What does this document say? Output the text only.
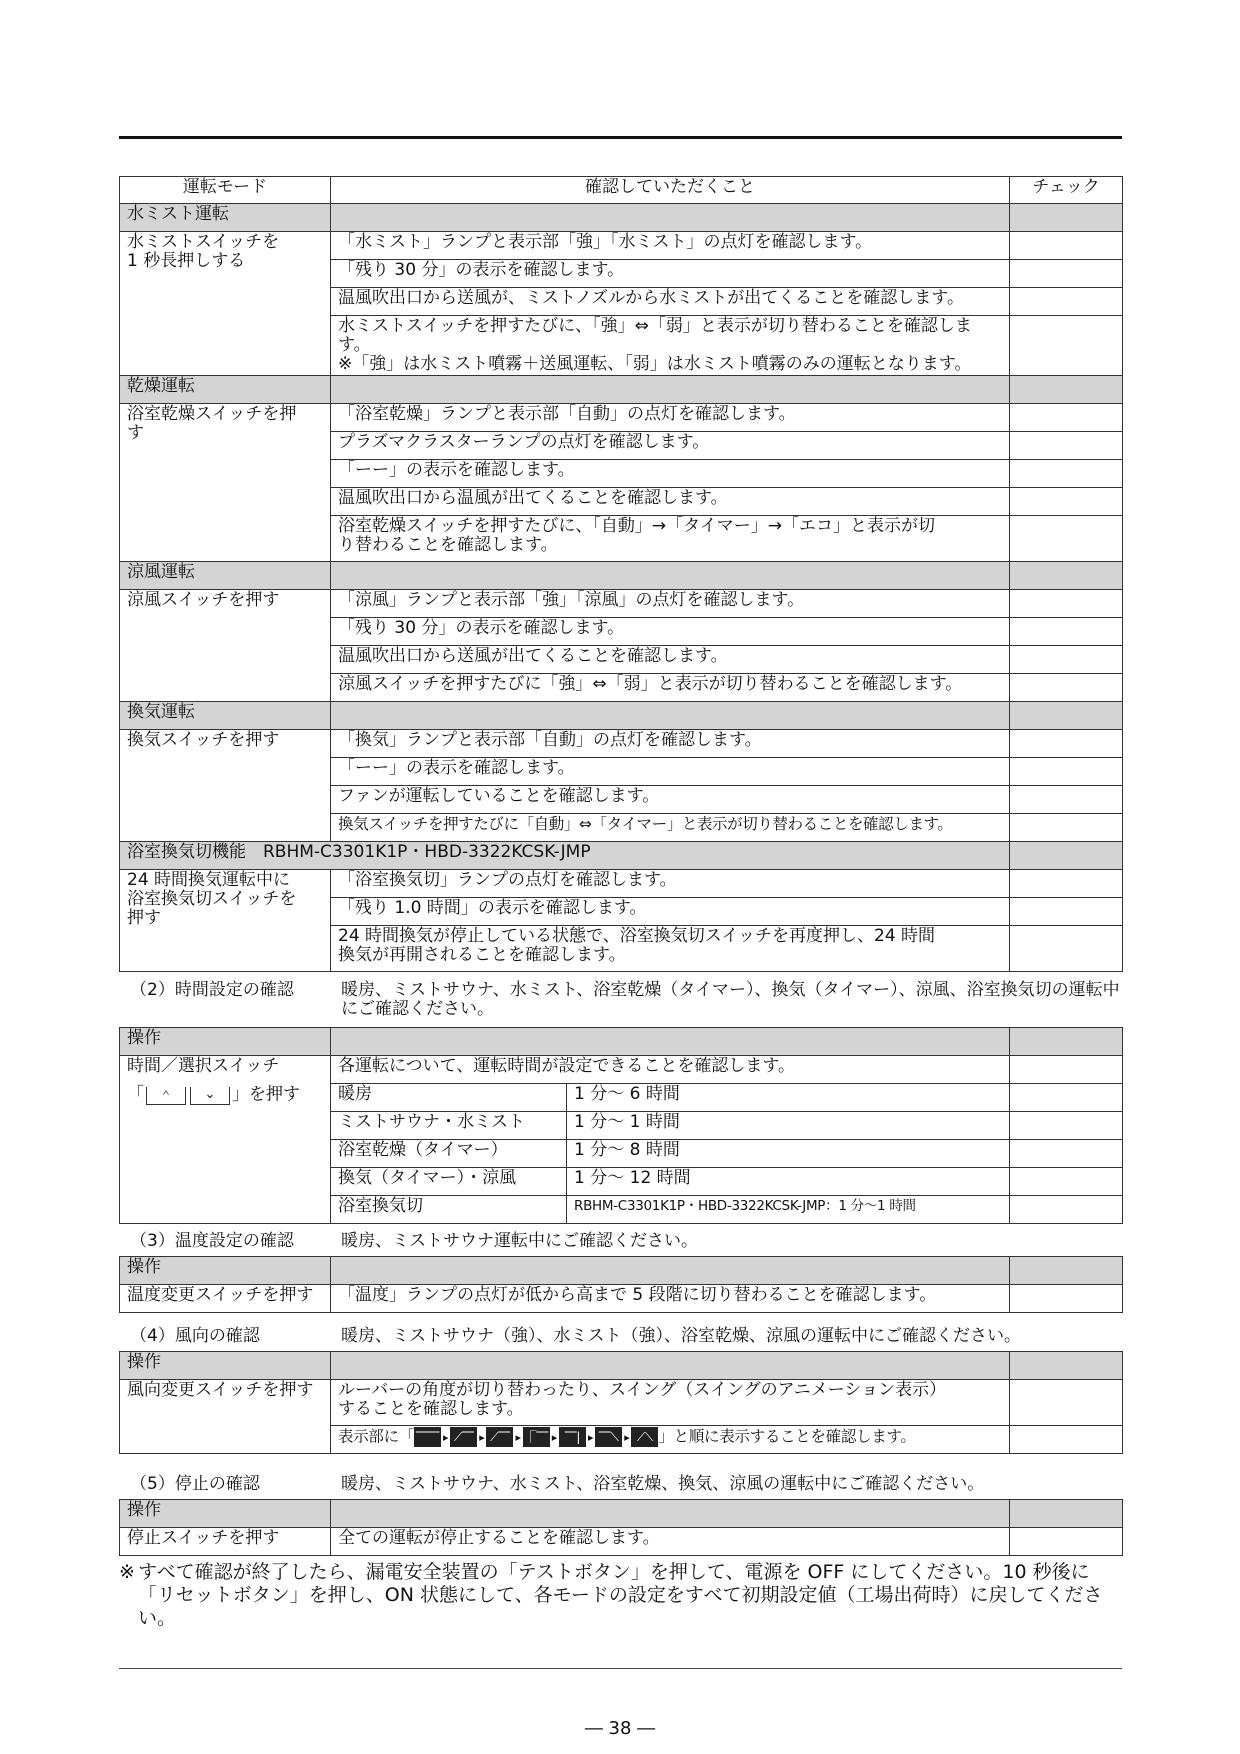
運転モード	確認していただくこと	チェック
水ミスト運転		
水ミストスイッチを
1 秒長押しする	「水ミスト」ランプと表示部「強」「水ミスト」の点灯を確認します。	
	「残り 30 分」の表示を確認します。	
	温風吹出口から送風が、ミストノズルから水ミストが出てくることを確認します。	
	水ミストスイッチを押すたびに、「強」⇔「弱」と表示が切り替わることを確認します。
※「強」は水ミスト噴霧＋送風運転、「弱」は水ミスト噴霧のみの運転となります。	
乾燥運転		
浴室乾燥スイッチを押
す	「浴室乾燥」ランプと表示部「自動」の点灯を確認します。	
	プラズマクラスターランプの点灯を確認します。	
	「ーー」の表示を確認します。	
	温風吹出口から温風が出てくることを確認します。	
	浴室乾燥スイッチを押すたびに、「自動」→「タイマー」→「エコ」と表示が切
り替わることを確認します。	
涼風運転		
涼風スイッチを押す	「涼風」ランプと表示部「強」「涼風」の点灯を確認します。	
	「残り 30 分」の表示を確認します。	
	温風吹出口から送風が出てくることを確認します。	
	涼風スイッチを押すたびに「強」⇔「弱」と表示が切り替わることを確認します。	
換気運転		
換気スイッチを押す	「換気」ランプと表示部「自動」の点灯を確認します。	
	「ーー」の表示を確認します。	
	ファンが運転していることを確認します。	
	換気スイッチを押すたびに「自動」⇔「タイマー」と表示が切り替わることを確認します。	
浴室換気切機能　RBHM-C3301K1P・HBD-3322KCSK-JMP		
24 時間換気運転中に
浴室換気切スイッチを
押す	「浴室換気切」ランプの点灯を確認します。	
	「残り 1.0 時間」の表示を確認します。	
	24 時間換気が停止している状態で、浴室換気切スイッチを再度押し、24 時間
換気が再開されることを確認します。	
（2）時間設定の確認	暖房、ミストサウナ、水ミスト、浴室乾燥（タイマー）、換気（タイマー）、涼風、浴室換気切の運転中にご確認ください。
操作			

時間／選択スイッチ
「 ＾ ⌄ 」を押す	各運転について、運転時間が設定できることを確認します。		
	暖房	1 分～ 6 時間	
	ミストサウナ・水ミスト	1 分～ 1 時間	
	浴室乾燥（タイマー）	1 分～ 8 時間	
	換気（タイマー）・涼風	1 分～ 12 時間	
	浴室換気切	RBHM-C3301K1P・HBD-3322KCSK-JMP：1 分～1 時間	
（3）温度設定の確認	暖房、ミストサウナ運転中にご確認ください。
操作		
温度変更スイッチを押す	「温度」ランプの点灯が低から高まで 5 段階に切り替わることを確認します。	
（4）風向の確認	暖房、ミストサウナ（強）、水ミスト（強）、浴室乾燥、涼風の運転中にご確認ください。
操作		
風向変更スイッチを押す	ルーバーの角度が切り替わったり、スイング（スイングのアニメーション表示）
することを確認します。	
	表示部に「 ⎺⎺ ▸ ⟋⎺ ▸ ⟋⎺ ▸ ⎾⎺ ▸ ⎺| ▸ ⎺⟍ ▸ ⟋⟍ 」と順に表示することを確認します。	
（5）停止の確認	暖房、ミストサウナ、水ミスト、浴室乾燥、換気、涼風の運転中にご確認ください。
操作		
停止スイッチを押す	全ての運転が停止することを確認します。	
※ すべて確認が終了したら、漏電安全装置の「テストボタン」を押して、電源を OFF にしてください。10 秒後に「リセットボタン」を押し、ON 状態にして、各モードの設定をすべて初期設定値（工場出荷時）に戻してください。
― 38 ―
